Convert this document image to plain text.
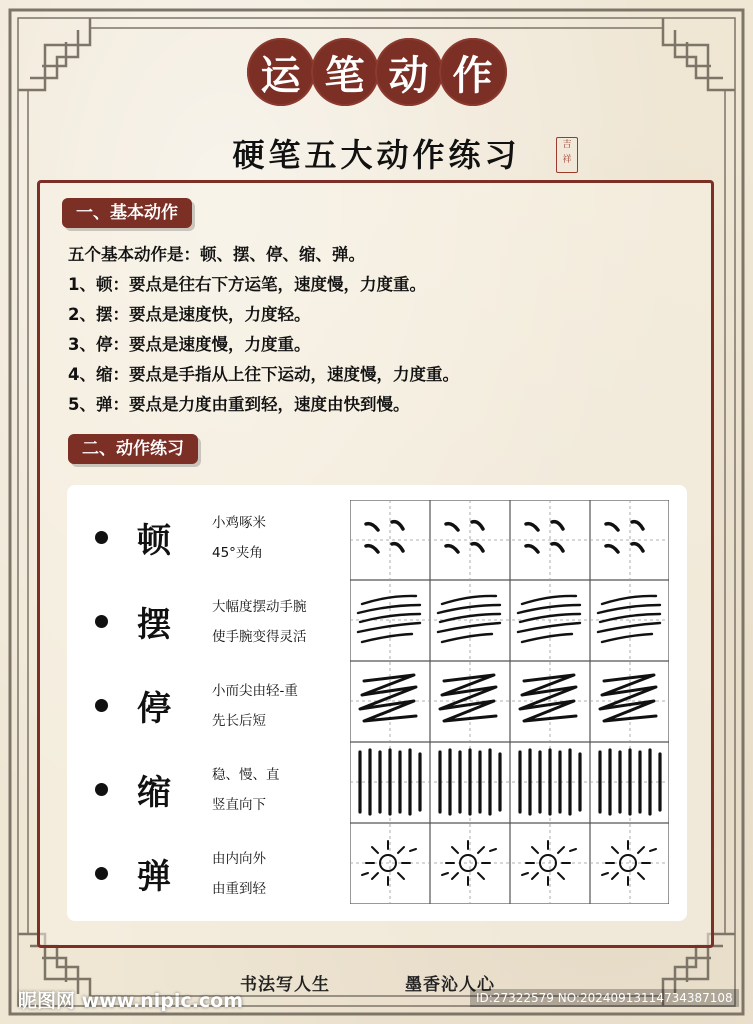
运 笔 动 作
硬笔五大动作练习	吉
祥
一、基本动作
五个基本动作是：顿、摆、停、缩、弹。
1、顿：要点是往右下方运笔，速度慢，力度重。
2、摆：要点是速度快，力度轻。
3、停：要点是速度慢，力度重。
4、缩：要点是手指从上往下运动，速度慢，力度重。
5、弹：要点是力度由重到轻，速度由快到慢。
二、动作练习
顿	小鸡啄米
45°夹角
摆	大幅度摆动手腕
使手腕变得灵活
停	小而尖由轻-重
先长后短
缩	稳、慢、直
竖直向下
弹	由内向外
由重到轻
书法写人生	墨香沁人心
昵图网 www.nipic.com	ID:27322579 NO:20240913114734387108
